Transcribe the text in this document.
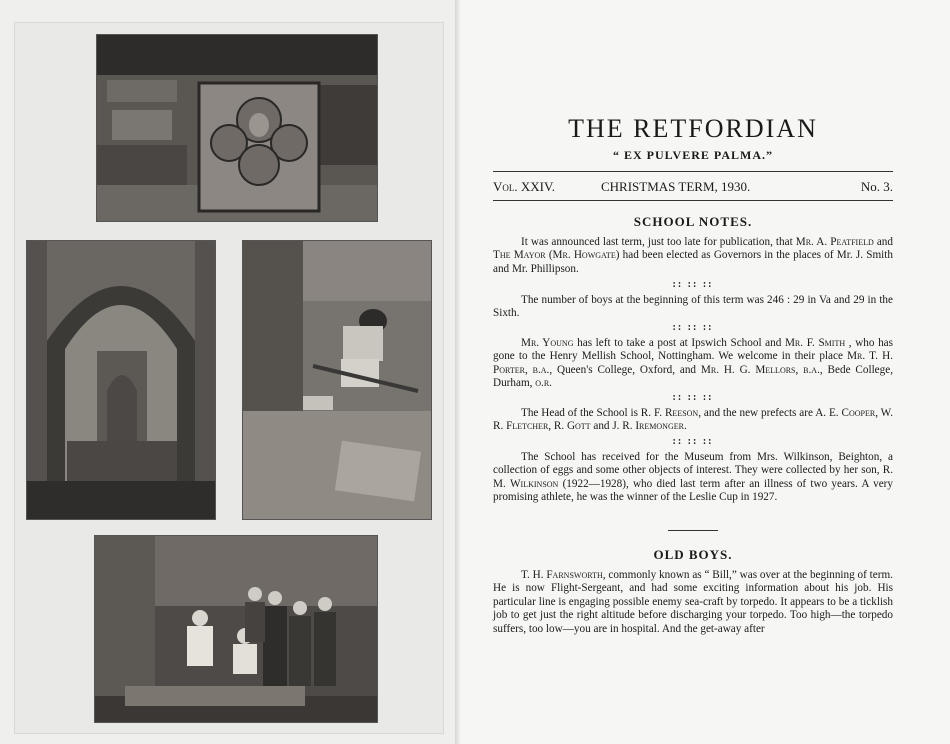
THE RETFORDIAN
“ EX PULVERE PALMA.”
Vol. XXIV.	CHRISTMAS TERM, 1930.	No. 3.
SCHOOL NOTES.
It was announced last term, just too late for publication, that Mr. A. Peatfield and The Mayor (Mr. Howgate) had been elected as Governors in the places of Mr. J. Smith and Mr. Phillipson.
:: :: ::
The number of boys at the beginning of this term was 246 : 29 in Va and 29 in the Sixth.
:: :: ::
Mr. Young has left to take a post at Ipswich School and Mr. F. Smith , who has gone to the Henry Mellish School, Nottingham. We welcome in their place Mr. T. H. Porter, b.a., Queen's College, Oxford, and Mr. H. G. Mellors, b.a., Bede College, Durham, o.r.
:: :: ::
The Head of the School is R. F. Reeson, and the new prefects are A. E. Cooper, W. R. Fletcher, R. Gott and J. R. Iremonger.
:: :: ::
The School has received for the Museum from Mrs. Wilkinson, Beighton, a collection of eggs and some other objects of interest. They were collected by her son, R. M. Wilkinson (1922—1928), who died last term after an illness of two years. A very promising athlete, he was the winner of the Leslie Cup in 1927.
OLD BOYS.
T. H. Farnsworth, commonly known as “ Bill,” was over at the beginning of term. He is now Flight-Sergeant, and had some exciting information about his job. His particular line is engaging possible enemy sea-craft by torpedo. It appears to be a ticklish job to get just the right altitude before discharging your torpedo. Too high—the torpedo suffers, too low—you are in hospital. And the get-away after
